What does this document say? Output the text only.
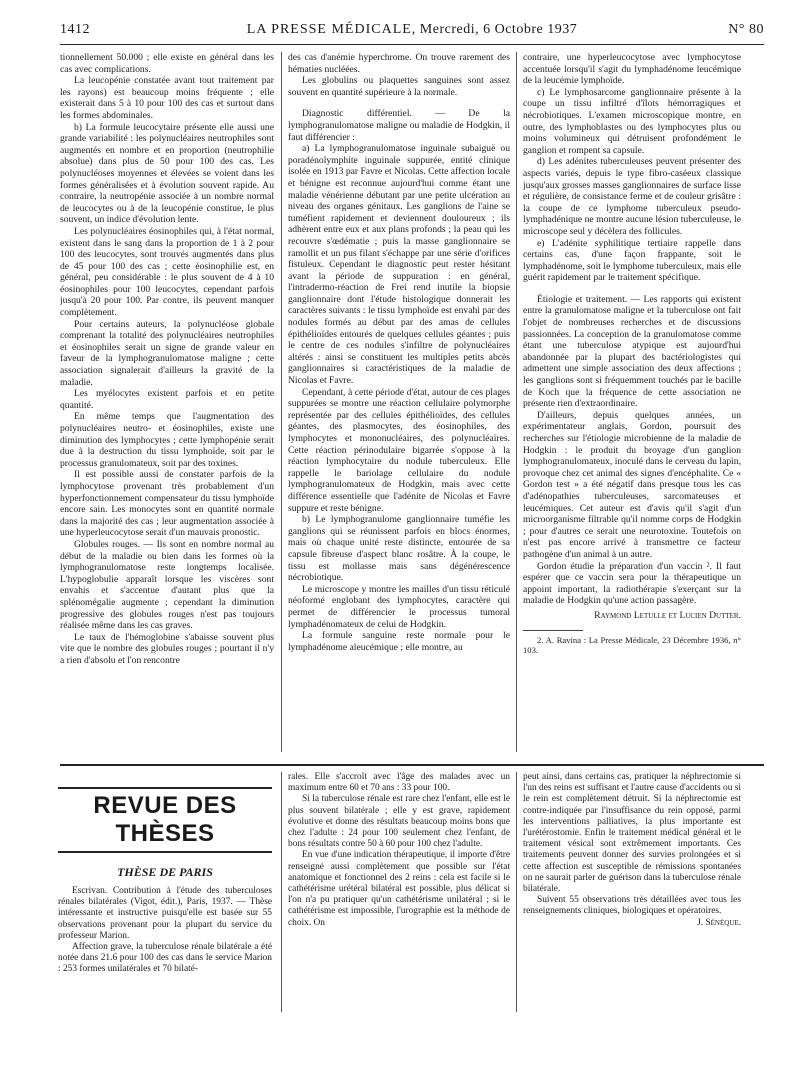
1412	LA PRESSE MÉDICALE, Mercredi, 6 Octobre 1937	N° 80

tionnellement 50.000 ; elle existe en général dans les cas avec complications.

La leucopénie constatée avant tout traitement par les rayons) est beaucoup moins fréquente ; elle existerait dans 5 à 10 pour 100 des cas et surtout dans les formes abdominales.

b) La formule leucocytaire présente elle aussi une grande variabilité : les polynucléaires neutrophiles sont augmentés en nombre et en proportion (neutrophilie absolue) dans plus de 50 pour 100 des cas. Les polynucléoses moyennes et élevées se voient dans les formes généralisées et à évolution souvent rapide. Au contraire, la neutropénie associée à un nombre normal de leucocytes ou à de la leucopénie constitue, le plus souvent, un indice d'évolution lente.

Les polynucléaires éosinophiles qui, à l'état normal, existent dans le sang dans la proportion de 1 à 2 pour 100 des leucocytes, sont trouvés augmentés dans plus de 45 pour 100 des cas ; cette éosinophilie est, en général, peu considérable : le plus souvent de 4 à 10 éosinophiles pour 100 leucocytes, cependant parfois jusqu'à 20 pour 100. Par contre, ils peuvent manquer complètement.

Pour certains auteurs, la polynucléose globale comprenant la totalité des polynucléaires neutrophiles et éosinophiles serait un signe de grande valeur en faveur de la lymphogranulomatose maligne ; cette association signalerait d'ailleurs la gravité de la maladie.

Les myélocytes existent parfois et en petite quantité.

En même temps que l'augmentation des polynucléaires neutro- et éosinophiles, existe une diminution des lymphocytes ; cette lymphopénie serait due à la destruction du tissu lymphoïde, soit par le processus granulomateux, soit par des toxines.

Il est possible aussi de constater parfois de la lymphocytose provenant très probablement d'un hyperfonctionnement compensateur du tissu lymphoïde encore sain. Les monocytes sont en quantité normale dans la majorité des cas ; leur augmentation associée à une hyperleucocytose serait d'un mauvais pronostic.

Globules rouges. — Ils sont en nombre normal au début de la maladie ou bien dans les formes où la lymphogranulomatose reste longtemps localisée. L'hypoglobulie apparaît lorsque les viscères sont envahis et s'accentue d'autant plus que la splénomégalie augmente ; cependant la diminution progressive des globules rouges n'est pas toujours réalisée même dans les cas graves.

Le taux de l'hémoglobine s'abaisse souvent plus vite que le nombre des globules rouges ; pourtant il n'y a rien d'absolu et l'on rencontre

des cas d'anémie hyperchrome. On trouve rarement des hématies nucléées.

Les globulins ou plaquettes sanguines sont assez souvent en quantité supérieure à la normale.

Diagnostic différentiel. — De la lymphogranulomatose maligne ou maladie de Hodgkin, il faut différencier :

a) La lymphogranulomatose inguinale subaiguë ou poradénolymphite inguinale suppurée, entité clinique isolée en 1913 par Favre et Nicolas. Cette affection locale et bénigne est reconnue aujourd'hui comme étant une maladie vénérienne débutant par une petite ulcération au niveau des organes génitaux. Les ganglions de l'aine se tuméfient rapidement et deviennent douloureux ; ils adhèrent entre eux et aux plans profonds ; la peau qui les recouvre s'œdématie ; puis la masse ganglionnaire se ramollit et un pus filant s'échappe par une série d'orifices fistuleux. Cependant le diagnostic peut rester hésitant avant la période de suppuration : en général, l'intradermo-réaction de Frei rend inutile la biopsie ganglionnaire dont l'étude histologique donnerait les caractères suivants : le tissu lymphoïde est envahi par des nodules formés au début par des amas de cellules épithélioïdes entourés de quelques cellules géantes ; puis le centre de ces nodules s'infiltre de polynucléaires altérés : ainsi se constituent les multiples petits abcès ganglionnaires si caractéristiques de la maladie de Nicolas et Favre.

Cependant, à cette période d'état, autour de ces plages suppurées se montre une réaction cellulaire polymorphe représentée par des cellules épithélioïdes, des cellules géantes, des plasmocytes, des éosinophiles, des lymphocytes et mononucléaires, des polynucléaires. Cette réaction périnodulaire bigarrée s'oppose à la réaction lymphocytaire du nodule tuberculeux. Elle rappelle le bariolage cellulaire du nodule lymphogranulomateux de Hodgkin, mais avec cette différence essentielle que l'adénite de Nicolas et Favre suppure et reste bénigne.

b) Le lymphogranulome ganglionnaire tuméfie les ganglions qui se réunissent parfois en blocs énormes, mais où chaque unité reste distincte, entourée de sa capsule fibreuse d'aspect blanc rosâtre. À la coupe, le tissu est mollasse mais sans dégénérescence nécrobiotique.

Le microscope y montre les mailles d'un tissu réticulé néoformé englobant des lymphocytes, caractère qui permet de différencier le processus tumoral lymphadénomateux de celui de Hodgkin.

La formule sanguine reste normale pour le lymphadénome aleucémique ; elle montre, au

contraire, une hyperleucocytose avec lymphocytose accentuée lorsqu'il s'agit du lymphadénome leucémique de la leucémie lymphoïde.

c) Le lymphosarcome ganglionnaire présente à la coupe un tissu infiltré d'îlots hémorragiques et nécrobiotiques. L'examen microscopique montre, en outre, des lymphoblastes ou des lymphocytes plus ou moins volumineux qui détruisent profondément le ganglion et rompent sa capsule.

d) Les adénites tuberculeuses peuvent présenter des aspects variés, depuis le type fibro-caséeux classique jusqu'aux grosses masses ganglionnaires de surface lisse et régulière, de consistance ferme et de couleur grisâtre : la coupe de ce lymphome tuberculeux pseudo-lymphadénique ne montre aucune lésion tuberculeuse, le microscope seul y décèlera des follicules.

e) L'adénite syphilitique tertiaire rappelle dans certains cas, d'une façon frappante, soit le lymphadénome, soit le lymphome tuberculeux, mais elle guérit rapidement par le traitement spécifique.

Étiologie et traitement. — Les rapports qui existent entre la granulomatose maligne et la tuberculose ont fait l'objet de nombreuses recherches et de discussions passionnées. La conception de la granulomatose comme étant une tuberculose atypique est aujourd'hui abandonnée par la plupart des bactériologistes qui admettent une simple association des deux affections ; les ganglions sont si fréquemment touchés par le bacille de Koch que la fréquence de cette association ne présente rien d'extraordinaire.

D'ailleurs, depuis quelques années, un expérimentateur anglais, Gordon, poursuit des recherches sur l'étiologie microbienne de la maladie de Hodgkin : le produit du broyage d'un ganglion lymphogranulomateux, inoculé dans le cerveau du lapin, provoque chez cet animal des signes d'encéphalite. Ce « Gordon test » a été négatif dans presque tous les cas d'adénopathies tuberculeuses, sarcomateuses et leucémiques. Cet auteur est d'avis qu'il s'agit d'un microorganisme filtrable qu'il nomme corps de Hodgkin ; pour d'autres ce serait une neurotoxine. Toutefois on n'est pas encore arrivé à transmettre ce facteur pathogène d'un animal à un autre.

Gordon étudie la préparation d'un vaccin ². Il faut espérer que ce vaccin sera pour la thérapeutique un appoint important, la radiothérapie s'exerçant sur la maladie de Hodgkin qu'une action passagère.

Raymond Letulle et Lucien Dutter.

2. A. Ravina : La Presse Médicale, 23 Décembre 1936, n° 103.

REVUE DES THÈSES
THÈSE DE PARIS

Escrivan. Contribution à l'étude des tuberculoses rénales bilatérales (Vigot, édit.), Paris, 1937. — Thèse intéressante et instructive puisqu'elle est basée sur 55 observations provenant pour la plupart du service du professeur Marion.

Affection grave, la tuberculose rénale bilatérale a été notée dans 21.6 pour 100 des cas dans le service Marion : 253 formes unilatérales et 70 bilaté-

rales. Elle s'accroît avec l'âge des malades avec un maximum entre 60 et 70 ans : 33 pour 100.

Si la tuberculose rénale est rare chez l'enfant, elle est le plus souvent bilatérale ; elle y est grave, rapidement évolutive et donne des résultats beaucoup moins bons que chez l'adulte : 24 pour 100 seulement chez l'enfant, de bons résultats contre 50 à 60 pour 100 chez l'adulte.

En vue d'une indication thérapeutique, il importe d'être renseigné aussi complètement que possible sur l'état anatomique et fonctionnel des 2 reins : cela est facile si le cathétérisme urétéral bilatéral est possible, plus délicat si l'on n'a pu pratiquer qu'un cathétérisme unilatéral ; si le cathétérisme est impossible, l'urographie est la méthode de choix. On

peut ainsi, dans certains cas, pratiquer la néphrectomie si l'un des reins est suffisant et l'autre cause d'accidents ou si le rein est complètement détruit. Si la néphrectomie est contre-indiquée par l'insuffisance du rein opposé, parmi les interventions palliatives, la plus importante est l'urétérostomie. Enfin le traitement médical général et le traitement vésical sont extrêmement importants. Ces traitements peuvent donner des survies prolongées et si cette affection est susceptible de rémissions spontanées on ne saurait parler de guérison dans la tuberculose rénale bilatérale.

Suivent 55 observations très détaillées avec tous les renseignements cliniques, biologiques et opératoires.

J. Sénèque.
